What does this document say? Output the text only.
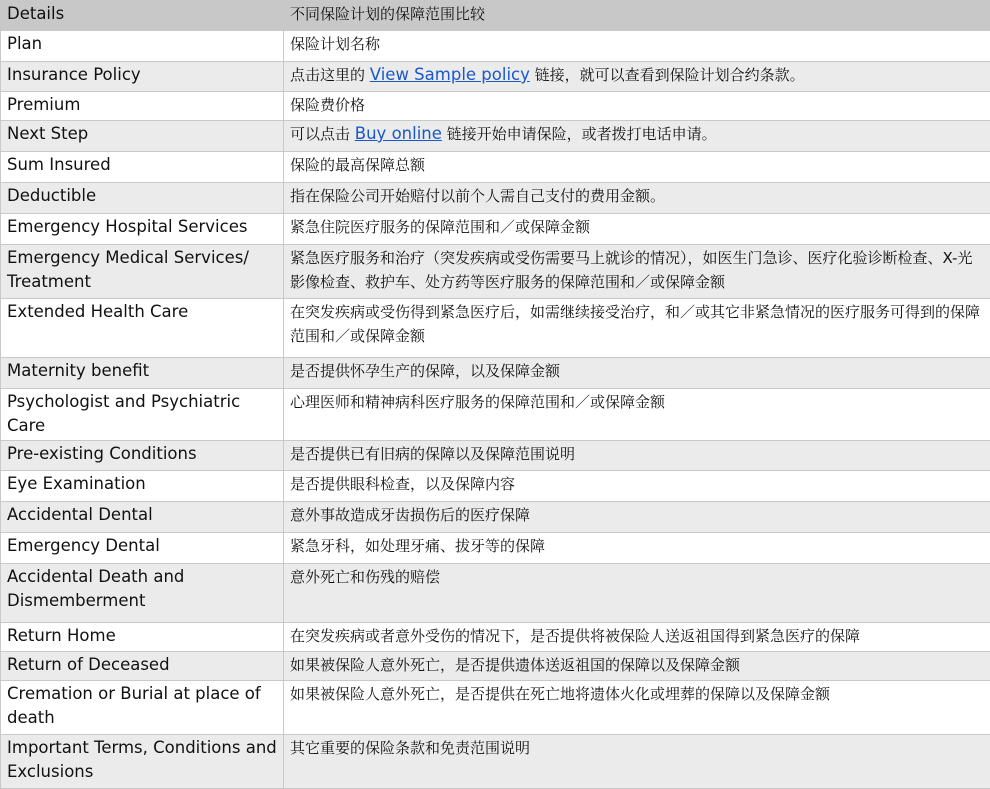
Details	不同保险计划的保障范围比较
Plan	保险计划名称
Insurance Policy	点击这里的 View Sample policy 链接，就可以查看到保险计划合约条款。
Premium	保险费价格
Next Step	可以点击 Buy online 链接开始申请保险，或者拨打电话申请。
Sum Insured	保险的最高保障总额
Deductible	指在保险公司开始赔付以前个人需自己支付的费用金额。
Emergency Hospital Services	紧急住院医疗服务的保障范围和／或保障金额
Emergency Medical Services/ Treatment	紧急医疗服务和治疗（突发疾病或受伤需要马上就诊的情况），如医生门急诊、医疗化验诊断检查、X-光影像检查、救护车、处方药等医疗服务的保障范围和／或保障金额
Extended Health Care	在突发疾病或受伤得到紧急医疗后，如需继续接受治疗，和／或其它非紧急情况的医疗服务可得到的保障范围和／或保障金额
Maternity benefit	是否提供怀孕生产的保障，以及保障金额
Psychologist and Psychiatric Care	心理医师和精神病科医疗服务的保障范围和／或保障金额
Pre-existing Conditions	是否提供已有旧病的保障以及保障范围说明
Eye Examination	是否提供眼科检查，以及保障内容
Accidental Dental	意外事故造成牙齿损伤后的医疗保障
Emergency Dental	紧急牙科，如处理牙痛、拔牙等的保障
Accidental Death and Dismemberment	意外死亡和伤残的赔偿
Return Home	在突发疾病或者意外受伤的情况下，是否提供将被保险人送返祖国得到紧急医疗的保障
Return of Deceased	如果被保险人意外死亡，是否提供遗体送返祖国的保障以及保障金额
Cremation or Burial at place of death	如果被保险人意外死亡，是否提供在死亡地将遗体火化或埋葬的保障以及保障金额
Important Terms, Conditions and Exclusions	其它重要的保险条款和免责范围说明
